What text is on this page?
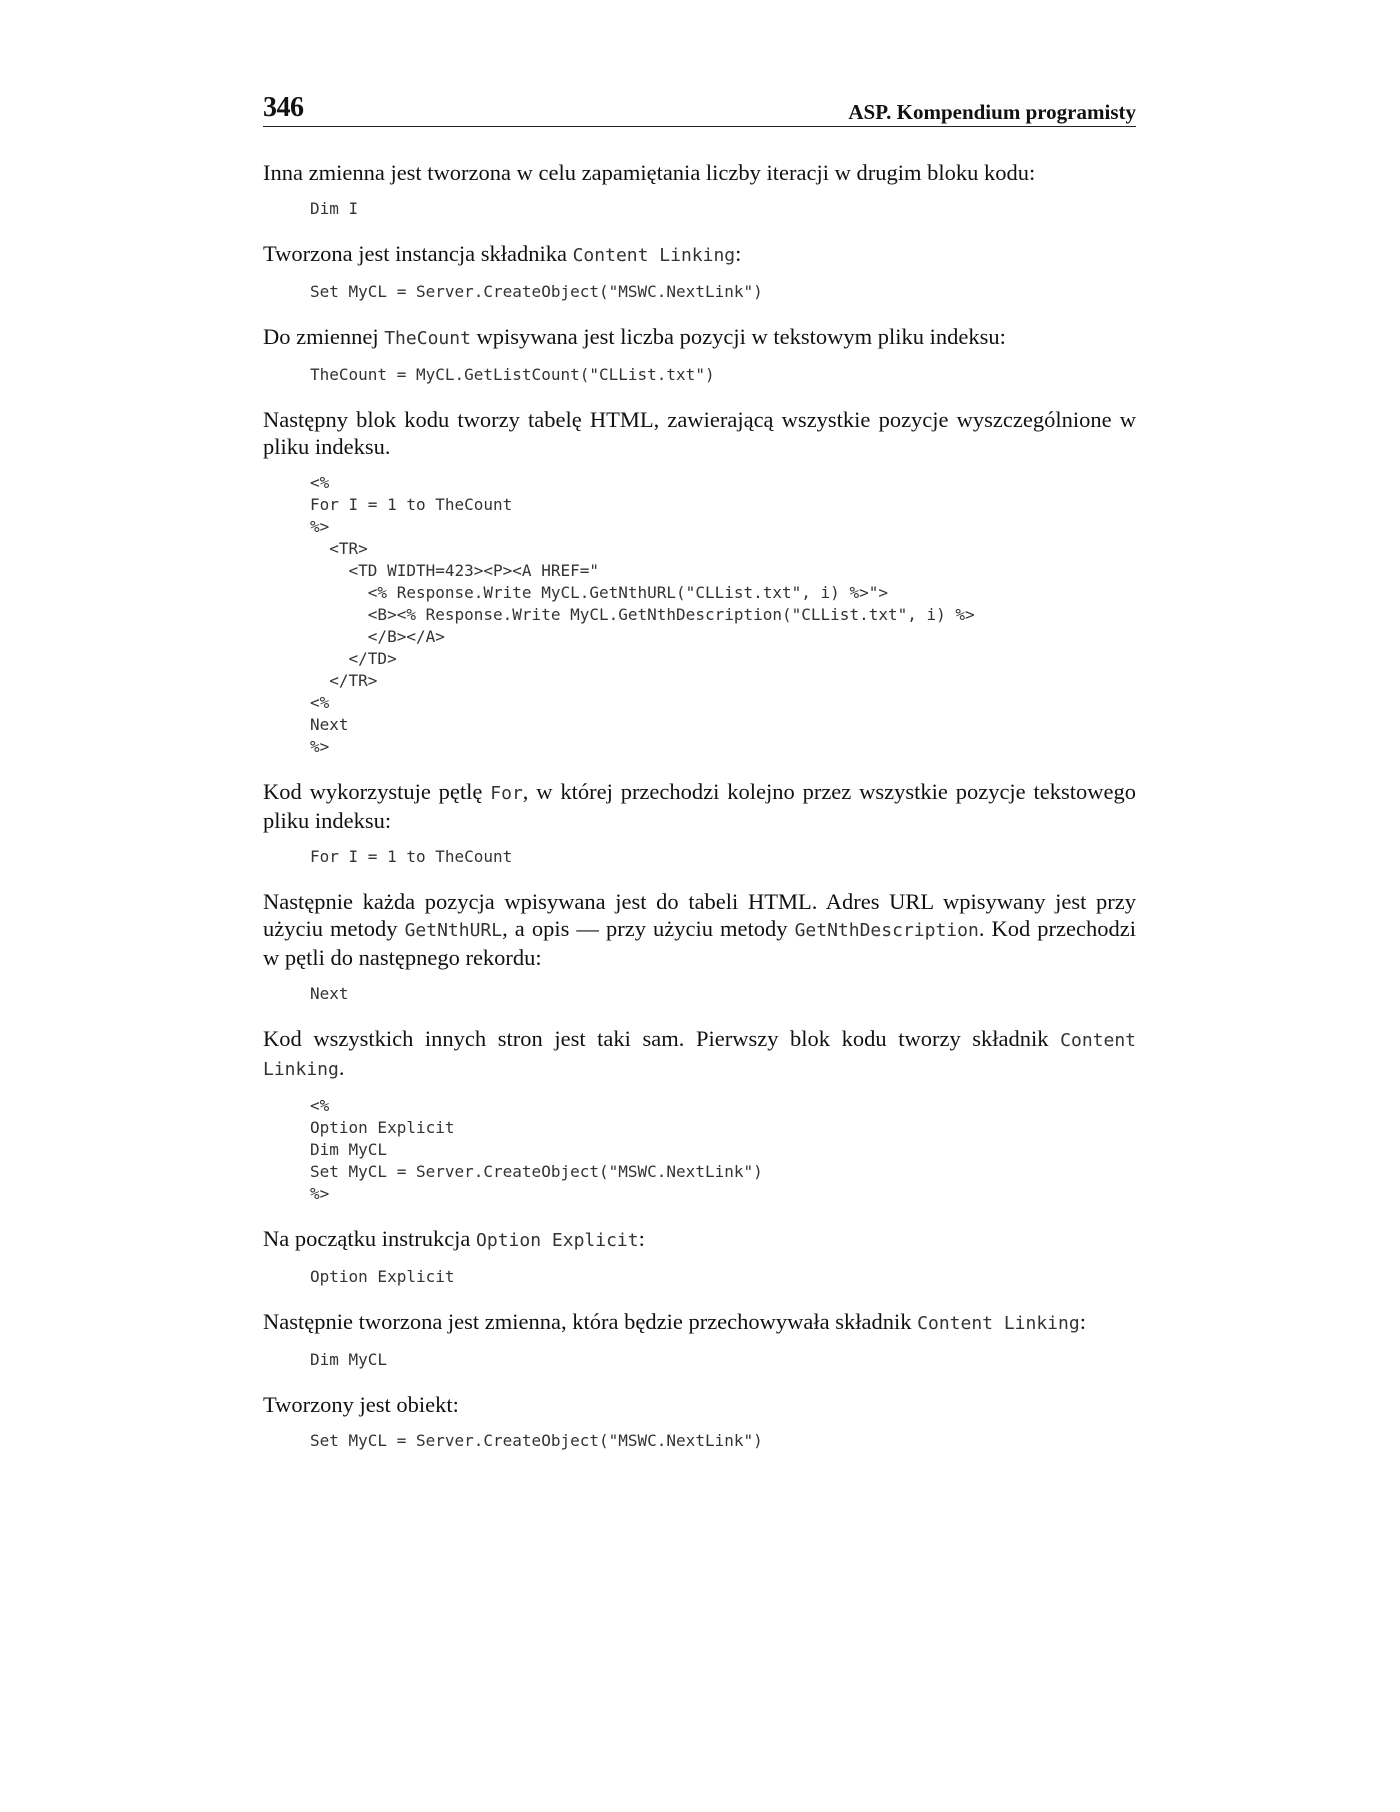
346	ASP. Kompendium programisty

Inna zmienna jest tworzona w celu zapamiętania liczby iteracji w drugim bloku kodu:

Dim I

Tworzona jest instancja składnika Content Linking:

Set MyCL = Server.CreateObject("MSWC.NextLink")

Do zmiennej TheCount wpisywana jest liczba pozycji w tekstowym pliku indeksu:

TheCount = MyCL.GetListCount("CLList.txt")

Następny blok kodu tworzy tabelę HTML, zawierającą wszystkie pozycje wyszczególnione w pliku indeksu.

<%
For I = 1 to TheCount
%>
<TR>
<TD WIDTH=423><P><A HREF="
<% Response.Write MyCL.GetNthURL("CLList.txt", i) %>">
<B><% Response.Write MyCL.GetNthDescription("CLList.txt", i) %>
</B></A>
</TD>
</TR>
<%
Next
%>

Kod wykorzystuje pętlę For, w której przechodzi kolejno przez wszystkie pozycje tekstowego pliku indeksu:

For I = 1 to TheCount

Następnie każda pozycja wpisywana jest do tabeli HTML. Adres URL wpisywany jest przy użyciu metody GetNthURL, a opis — przy użyciu metody GetNthDescription. Kod przechodzi w pętli do następnego rekordu:

Next

Kod wszystkich innych stron jest taki sam. Pierwszy blok kodu tworzy składnik Content Linking.

<%
Option Explicit
Dim MyCL
Set MyCL = Server.CreateObject("MSWC.NextLink")
%>

Na początku instrukcja Option Explicit:

Option Explicit

Następnie tworzona jest zmienna, która będzie przechowywała składnik Content Linking:

Dim MyCL

Tworzony jest obiekt:

Set MyCL = Server.CreateObject("MSWC.NextLink")
